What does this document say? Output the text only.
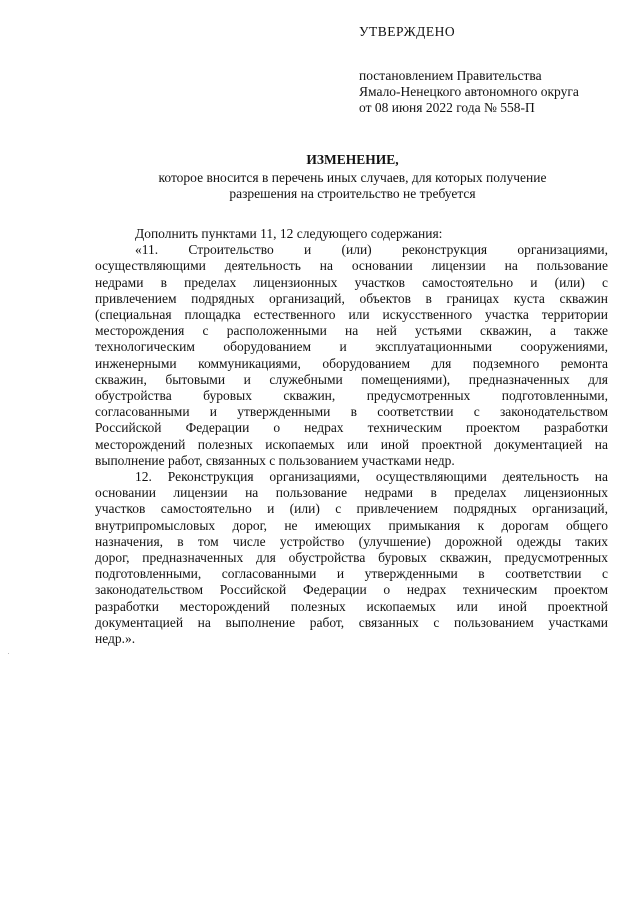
УТВЕРЖДЕНО
постановлением Правительства
Ямало-Ненецкого автономного округа
от 08 июня 2022 года № 558-П
ИЗМЕНЕНИЕ,
которое вносится в перечень иных случаев, для которых получение
разрешения на строительство не требуется
Дополнить пунктами 11, 12 следующего содержания:
«11. Строительство и (или) реконструкция организациями,
осуществляющими деятельность на основании лицензии на пользование
недрами в пределах лицензионных участков самостоятельно и (или) с
привлечением подрядных организаций, объектов в границах куста скважин
(специальная площадка естественного или искусственного участка территории
месторождения с расположенными на ней устьями скважин, а также
технологическим оборудованием и эксплуатационными сооружениями,
инженерными коммуникациями, оборудованием для подземного ремонта
скважин, бытовыми и служебными помещениями), предназначенных для
обустройства буровых скважин, предусмотренных подготовленными,
согласованными и утвержденными в соответствии с законодательством
Российской Федерации о недрах техническим проектом разработки
месторождений полезных ископаемых или иной проектной документацией на
выполнение работ, связанных с пользованием участками недр.
12. Реконструкция организациями, осуществляющими деятельность на
основании лицензии на пользование недрами в пределах лицензионных
участков самостоятельно и (или) с привлечением подрядных организаций,
внутрипромысловых дорог, не имеющих примыкания к дорогам общего
назначения, в том числе устройство (улучшение) дорожной одежды таких
дорог, предназначенных для обустройства буровых скважин, предусмотренных
подготовленными, согласованными и утвержденными в соответствии с
законодательством Российской Федерации о недрах техническим проектом
разработки месторождений полезных ископаемых или иной проектной
документацией на выполнение работ, связанных с пользованием участками
недр.».
